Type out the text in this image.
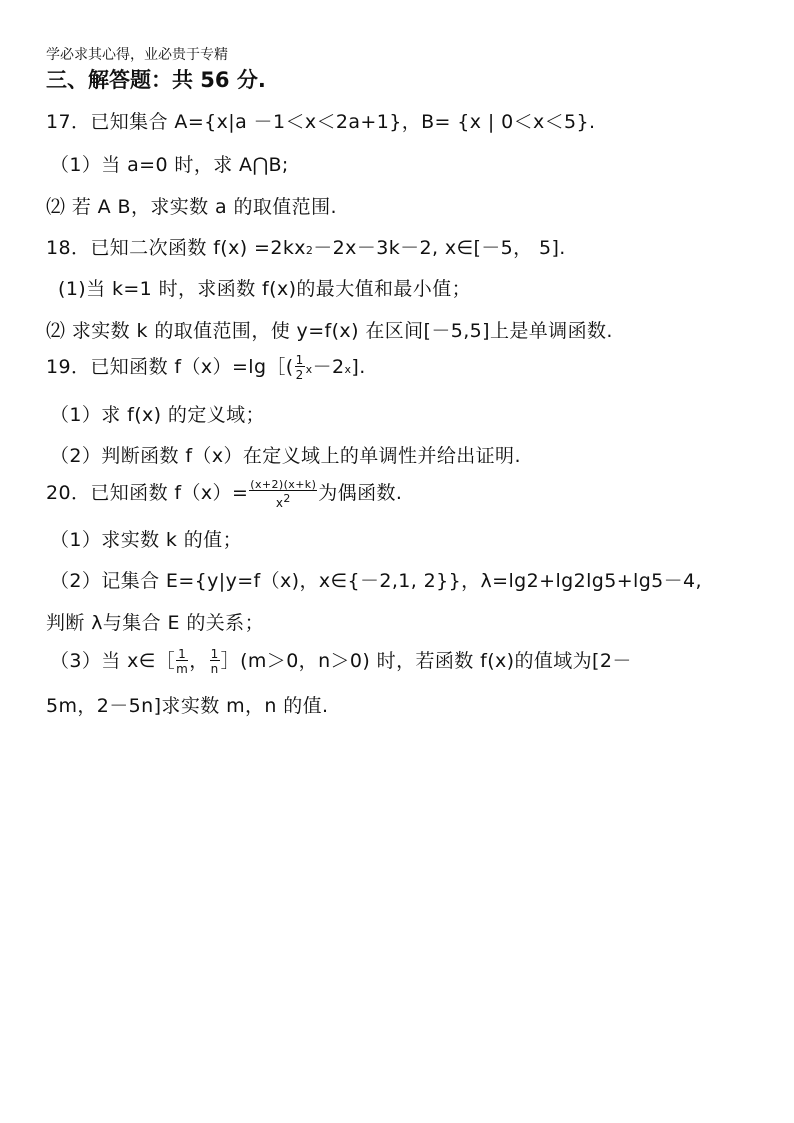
学必求其心得，业必贵于专精
三、解答题：共 56 分.
17．已知集合 A={x|a －1＜x＜2a+1}，B= {x | 0＜x＜5}.
（1）当 a=0 时，求 A⋂B;
⑵ 若 A B，求实数 a 的取值范围.
18．已知二次函数 f(x) =2kx2－2x－3k－2, x∈[－5， 5].
(1)当 k=1 时，求函数 f(x)的最大值和最小值；
⑵ 求实数 k 的取值范围，使 y=f(x) 在区间[－5,5]上是单调函数.
19．已知函数 f（x）=lg［( $\frac{1}{2} x-2x$].
（1）求 f(x) 的定义域；
（2）判断函数 f（x）在定义域上的单调性并给出证明.
20．已知函数 $f(x)= \frac{(x+2)(x+k)}{x2}$ 为偶函数.
（1）求实数 k 的值；
（2）记集合 E={y|y=f（x)，x∈{－2,1, 2}}，λ=lg2+lg2lg5+lg5－4,
判断 λ与集合 E 的关系；
（3）当 x∈［ $\frac{1}{m}$ ， $\frac{1}{n}$ ］(m＞0，n＞0) 时，若函数 f(x)的值域为[2－
5m，2－5n]求实数 m，n 的值.
